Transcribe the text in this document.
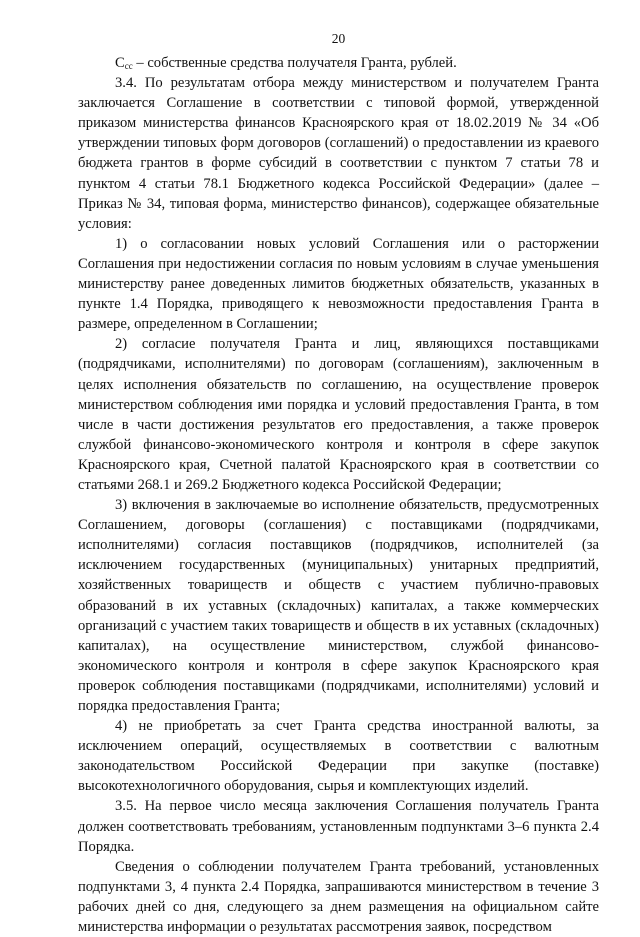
20

$C_{сс}$ – собственные средства получателя Гранта, рублей.

3.4. По результатам отбора между министерством и получателем Гранта заключается Соглашение в соответствии с типовой формой, утвержденной приказом министерства финансов Красноярского края от 18.02.2019 № 34 «Об утверждении типовых форм договоров (соглашений) о предоставлении из краевого бюджета грантов в форме субсидий в соответствии с пунктом 7 статьи 78 и пунктом 4 статьи 78.1 Бюджетного кодекса Российской Федерации» (далее – Приказ № 34, типовая форма, министерство финансов), содержащее обязательные условия:

1) о согласовании новых условий Соглашения или о расторжении Соглашения при недостижении согласия по новым условиям в случае уменьшения министерству ранее доведенных лимитов бюджетных обязательств, указанных в пункте 1.4 Порядка, приводящего к невозможности предоставления Гранта в размере, определенном в Соглашении;

2) согласие получателя Гранта и лиц, являющихся поставщиками (подрядчиками, исполнителями) по договорам (соглашениям), заключенным в целях исполнения обязательств по соглашению, на осуществление проверок министерством соблюдения ими порядка и условий предоставления Гранта, в том числе в части достижения результатов его предоставления, а также проверок службой финансово-экономического контроля и контроля в сфере закупок Красноярского края, Счетной палатой Красноярского края в соответствии со статьями 268.1 и 269.2 Бюджетного кодекса Российской Федерации;

3) включения в заключаемые во исполнение обязательств, предусмотренных Соглашением, договоры (соглашения) с поставщиками (подрядчиками, исполнителями) согласия поставщиков (подрядчиков, исполнителей (за исключением государственных (муниципальных) унитарных предприятий, хозяйственных товариществ и обществ с участием публично-правовых образований в их уставных (складочных) капиталах, а также коммерческих организаций с участием таких товариществ и обществ в их уставных (складочных) капиталах), на осуществление министерством, службой финансово-экономического контроля и контроля в сфере закупок Красноярского края проверок соблюдения поставщиками (подрядчиками, исполнителями) условий и порядка предоставления Гранта;

4) не приобретать за счет Гранта средства иностранной валюты, за исключением операций, осуществляемых в соответствии с валютным законодательством Российской Федерации при закупке (поставке) высокотехнологичного оборудования, сырья и комплектующих изделий.

3.5. На первое число месяца заключения Соглашения получатель Гранта должен соответствовать требованиям, установленным подпунктами 3–6 пункта 2.4 Порядка.

Сведения о соблюдении получателем Гранта требований, установленных подпунктами 3, 4 пункта 2.4 Порядка, запрашиваются министерством в течение 3 рабочих дней со дня, следующего за днем размещения на официальном сайте министерства информации о результатах рассмотрения заявок, посредством
